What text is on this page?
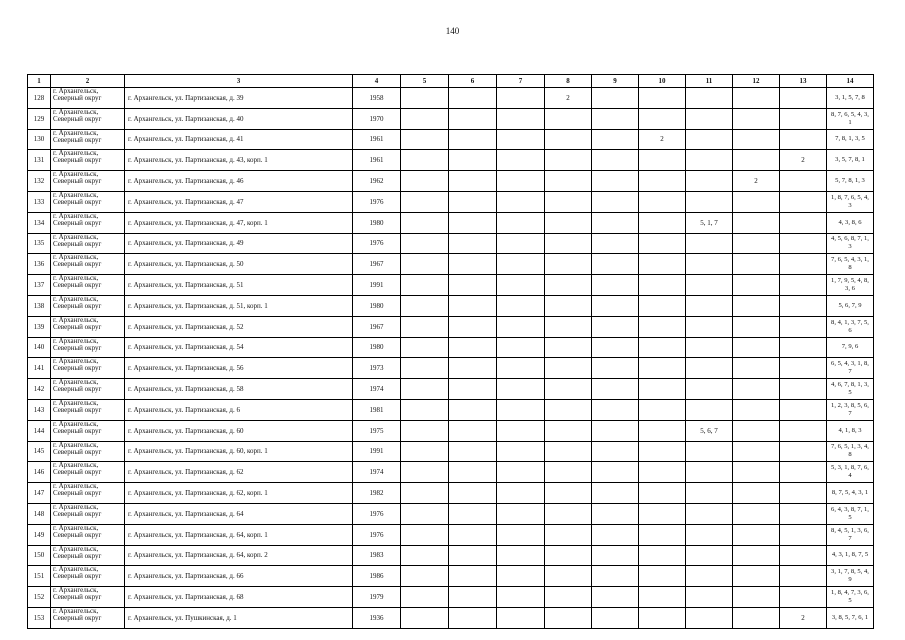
140
1	2	3	4	5	6	7	8	9	10	11	12	13	14
128	г. Архангельск, Северный округ	г. Архангельск, ул. Партизанская, д. 39	1958				2						3, 1, 5, 7, 8
129	г. Архангельск, Северный округ	г. Архангельск, ул. Партизанская, д. 40	1970										8, 7, 6, 5, 4, 3, 1
130	г. Архангельск, Северный округ	г. Архангельск, ул. Партизанская, д. 41	1961						2				7, 8, 1, 3, 5
131	г. Архангельск, Северный округ	г. Архангельск, ул. Партизанская, д. 43, корп. 1	1961									2	3, 5, 7, 8, 1
132	г. Архангельск, Северный округ	г. Архангельск, ул. Партизанская, д. 46	1962								2		5, 7, 8, 1, 3
133	г. Архангельск, Северный округ	г. Архангельск, ул. Партизанская, д. 47	1976										1, 8, 7, 6, 5, 4, 3
134	г. Архангельск, Северный округ	г. Архангельск, ул. Партизанская, д. 47, корп. 1	1980							5, 1, 7			4, 3, 8, 6
135	г. Архангельск, Северный округ	г. Архангельск, ул. Партизанская, д. 49	1976										4, 5, 6, 8, 7, 1, 3
136	г. Архангельск, Северный округ	г. Архангельск, ул. Партизанская, д. 50	1967										7, 6, 5, 4, 3, 1, 8
137	г. Архангельск, Северный округ	г. Архангельск, ул. Партизанская, д. 51	1991										1, 7, 9, 5, 4, 8, 3, 6
138	г. Архангельск, Северный округ	г. Архангельск, ул. Партизанская, д. 51, корп. 1	1980										5, 6, 7, 9
139	г. Архангельск, Северный округ	г. Архангельск, ул. Партизанская, д. 52	1967										8, 4, 1, 3, 7, 5, 6
140	г. Архангельск, Северный округ	г. Архангельск, ул. Партизанская, д. 54	1980										7, 9, 6
141	г. Архангельск, Северный округ	г. Архангельск, ул. Партизанская, д. 56	1973										6, 5, 4, 3, 1, 8, 7
142	г. Архангельск, Северный округ	г. Архангельск, ул. Партизанская, д. 58	1974										4, 6, 7, 8, 1, 3, 5
143	г. Архангельск, Северный округ	г. Архангельск, ул. Партизанская, д. 6	1981										1, 2, 3, 8, 5, 6, 7
144	г. Архангельск, Северный округ	г. Архангельск, ул. Партизанская, д. 60	1975							5, 6, 7			4, 1, 8, 3
145	г. Архангельск, Северный округ	г. Архангельск, ул. Партизанская, д. 60, корп. 1	1991										7, 6, 5, 1, 3, 4, 8
146	г. Архангельск, Северный округ	г. Архангельск, ул. Партизанская, д. 62	1974										5, 3, 1, 8, 7, 6, 4
147	г. Архангельск, Северный округ	г. Архангельск, ул. Партизанская, д. 62, корп. 1	1982										8, 7, 5, 4, 3, 1
148	г. Архангельск, Северный округ	г. Архангельск, ул. Партизанская, д. 64	1976										6, 4, 3, 8, 7, 1, 5
149	г. Архангельск, Северный округ	г. Архангельск, ул. Партизанская, д. 64, корп. 1	1976										8, 4, 5, 1, 3, 6, 7
150	г. Архангельск, Северный округ	г. Архангельск, ул. Партизанская, д. 64, корп. 2	1983										4, 3, 1, 8, 7, 5
151	г. Архангельск, Северный округ	г. Архангельск, ул. Партизанская, д. 66	1986										3, 1, 7, 8, 5, 4, 9
152	г. Архангельск, Северный округ	г. Архангельск, ул. Партизанская, д. 68	1979										1, 8, 4, 7, 3, 6, 5
153	г. Архангельск, Северный округ	г. Архангельск, ул. Пушкинская, д. 1	1936									2	3, 8, 5, 7, 6, 1
